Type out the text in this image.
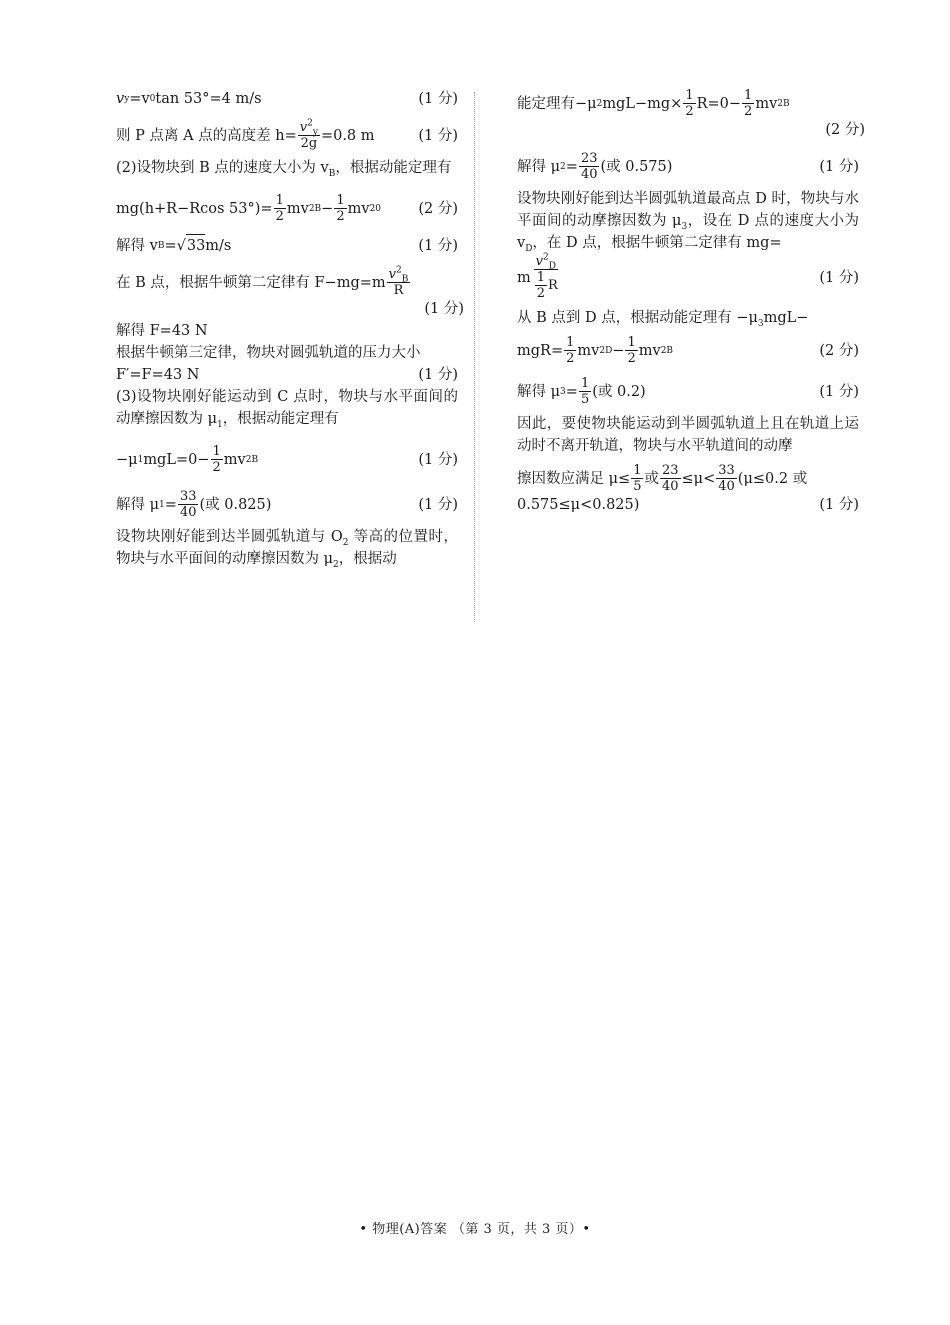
v y =v 0 tan 53°=4 m/s	(1 分)
则 P 点离 A 点的高度差 $h= \frac{v^2_y}{2g} =0.8$ m	(1 分)
(2)设物块到 B 点的速度大小为 $v_B$，根据动能定理有
mg(h+R−Rcos $53^\circ)= \frac{1}{2}$ mv 2 $B - \frac{1}{2}$ mv 2 0	(2 分)
解得 v B = √ 33 m/s	(1 分)
在 B 点，根据牛顿第二定律有 $F-mg=m \frac{v^2_B}{R}$
(1 分)
解得 F=43 N
根据牛顿第三定律，物块对圆弧轨道的压力大小
F′=F=43 N	(1 分)
(3)设物块刚好能运动到 C 点时，物块与水平面间的动摩擦因数为 $\mu_1$，根据动能定理有
−μ 1 $mgL=0- \frac{1}{2}$ mv 2 B	(1 分)
解得 μ $1 = \frac{33}{40}$ (或 0.825)	(1 分)
设物块刚好能到达半圆弧轨道与 $O_2$ 等高的位置时，物块与水平面间的动摩擦因数为 $\mu_2$，根据动
能定理有−μ 2 $mgL-mg\times \frac{1}{2} R=0- \frac{1}{2}$ mv 2 B
(2 分)
解得 μ $2 = \frac{23}{40}$ (或 0.575)	(1 分)
设物块刚好能到达半圆弧轨道最高点 D 时，物块与水平面间的动摩擦因数为 $\mu_3$，设在 D 点的速度大小为 $v_D$，在 D 点，根据牛顿第二定律有 mg=
m $\frac{v^2_D}{\frac{1}{2} R}$	(1 分)
从 B 点到 D 点，根据动能定理有 $-\mu_3mgL-$
$mgR= \frac{1}{2}$ mv 2 $D - \frac{1}{2}$ mv 2 B	(2 分)
解得 μ $3 = \frac{1}{5}$ (或 0.2)	(1 分)
因此，要使物块能运动到半圆弧轨道上且在轨道上运动时不离开轨道，物块与水平轨道间的动摩
擦因数应满足 $\mu\le \frac{1}{5}$ 或 $\frac{23}{40} \le\mu< \frac{33}{40} (\mu\le 0.2$ 或
0.575≤μ<0.825)	(1 分)
• 物理(A)答案 （第 3 页，共 3 页）•
